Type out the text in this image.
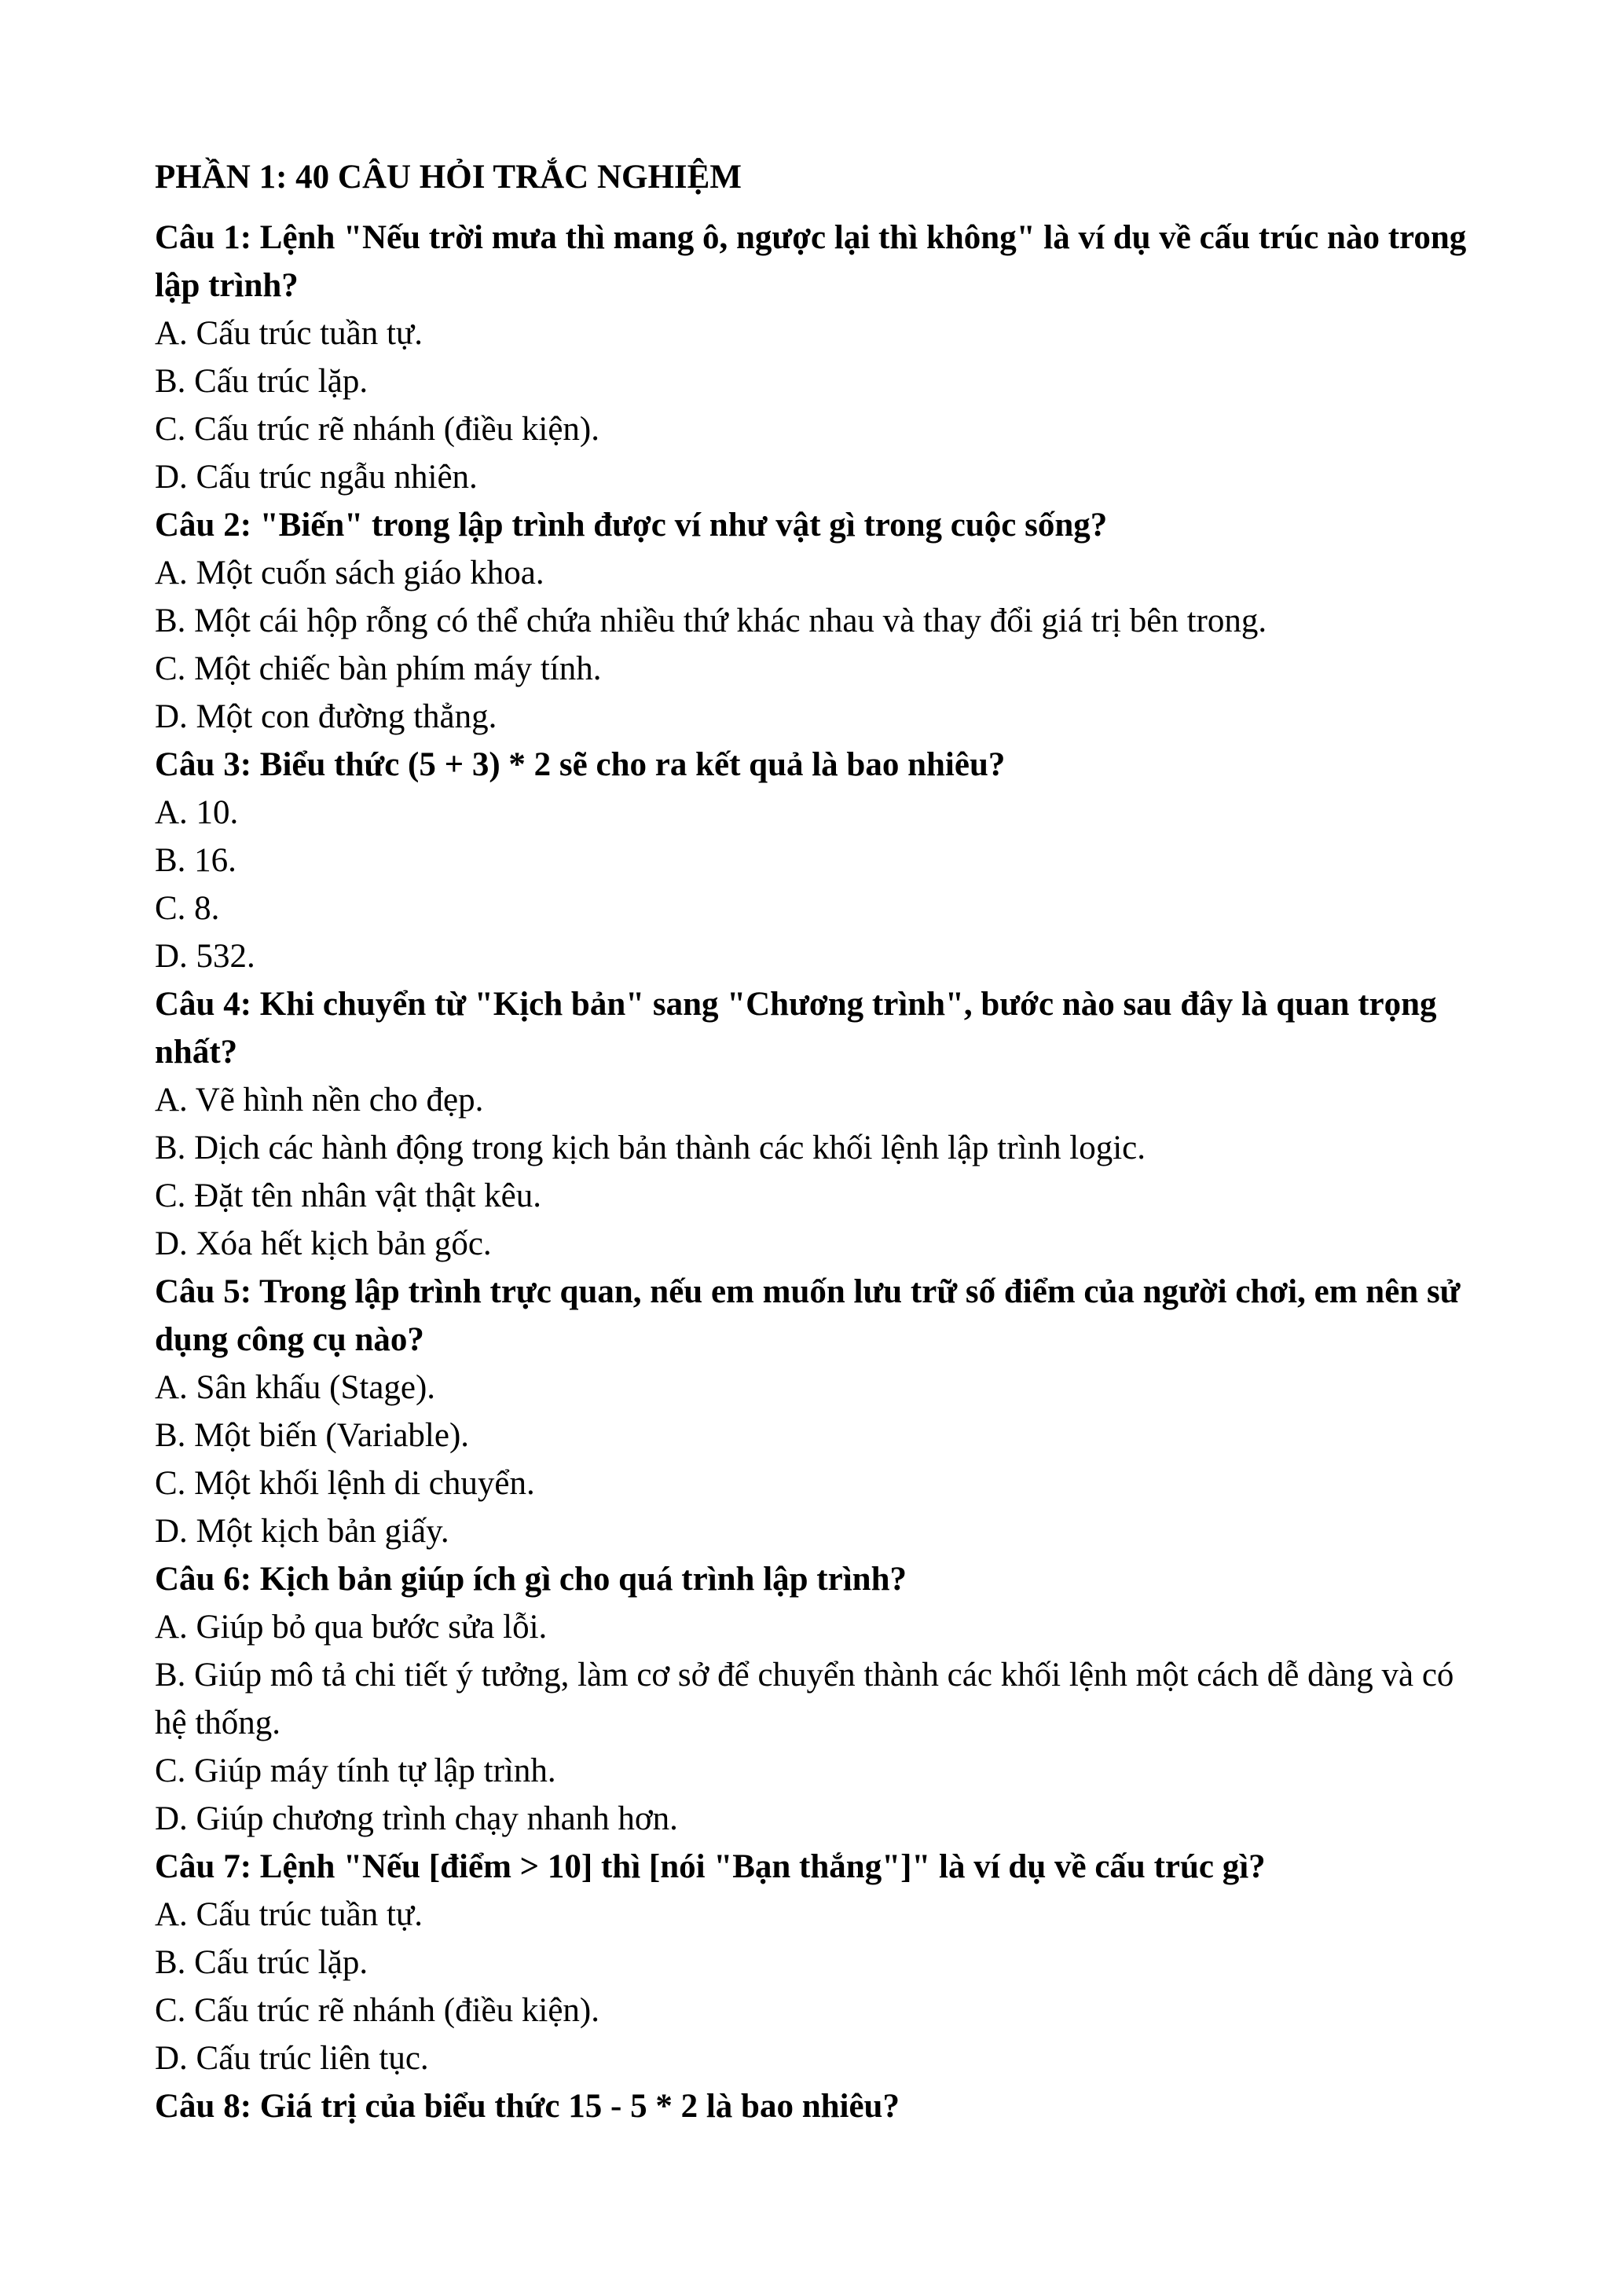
PHẦN 1: 40 CÂU HỎI TRẮC NGHIỆM

Câu 1: Lệnh "Nếu trời mưa thì mang ô, ngược lại thì không" là ví dụ về cấu trúc nào trong lập trình?

A. Cấu trúc tuần tự.

B. Cấu trúc lặp.

C. Cấu trúc rẽ nhánh (điều kiện).

D. Cấu trúc ngẫu nhiên.

Câu 2: "Biến" trong lập trình được ví như vật gì trong cuộc sống?

A. Một cuốn sách giáo khoa.

B. Một cái hộp rỗng có thể chứa nhiều thứ khác nhau và thay đổi giá trị bên trong.

C. Một chiếc bàn phím máy tính.

D. Một con đường thẳng.

Câu 3: Biểu thức (5 + 3) * 2 sẽ cho ra kết quả là bao nhiêu?

A. 10.

B. 16.

C. 8.

D. 532.

Câu 4: Khi chuyển từ "Kịch bản" sang "Chương trình", bước nào sau đây là quan trọng nhất?

A. Vẽ hình nền cho đẹp.

B. Dịch các hành động trong kịch bản thành các khối lệnh lập trình logic.

C. Đặt tên nhân vật thật kêu.

D. Xóa hết kịch bản gốc.

Câu 5: Trong lập trình trực quan, nếu em muốn lưu trữ số điểm của người chơi, em nên sử dụng công cụ nào?

A. Sân khấu (Stage).

B. Một biến (Variable).

C. Một khối lệnh di chuyển.

D. Một kịch bản giấy.

Câu 6: Kịch bản giúp ích gì cho quá trình lập trình?

A. Giúp bỏ qua bước sửa lỗi.

B. Giúp mô tả chi tiết ý tưởng, làm cơ sở để chuyển thành các khối lệnh một cách dễ dàng và có hệ thống.

C. Giúp máy tính tự lập trình.

D. Giúp chương trình chạy nhanh hơn.

Câu 7: Lệnh "Nếu [điểm > 10] thì [nói "Bạn thắng"]" là ví dụ về cấu trúc gì?

A. Cấu trúc tuần tự.

B. Cấu trúc lặp.

C. Cấu trúc rẽ nhánh (điều kiện).

D. Cấu trúc liên tục.

Câu 8: Giá trị của biểu thức 15 - 5 * 2 là bao nhiêu?
